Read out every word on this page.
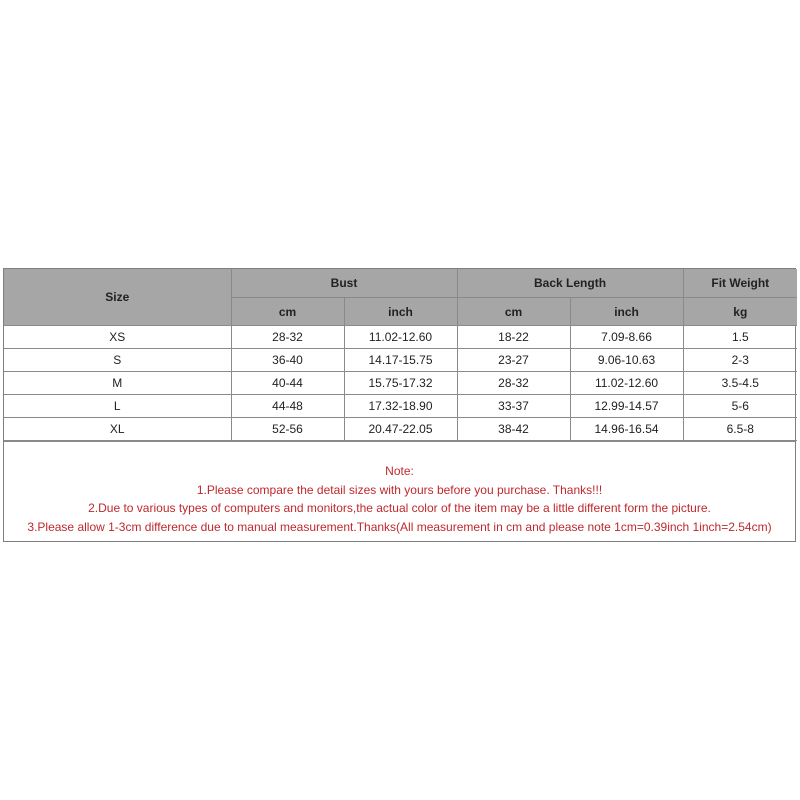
Size	Bust		Back Length		Fit Weight
	cm	inch	cm	inch	kg
XS	28-32	11.02-12.60	18-22	7.09-8.66	1.5
S	36-40	14.17-15.75	23-27	9.06-10.63	2-3
M	40-44	15.75-17.32	28-32	11.02-12.60	3.5-4.5
L	44-48	17.32-18.90	33-37	12.99-14.57	5-6
XL	52-56	20.47-22.05	38-42	14.96-16.54	6.5-8
Note:
1.Please compare the detail sizes with yours before you purchase. Thanks!!!
2.Due to various types of computers and monitors,the actual color of the item may be a little different form the picture.
3.Please allow 1-3cm difference due to manual measurement.Thanks(All measurement in cm and please note 1cm=0.39inch 1inch=2.54cm)
